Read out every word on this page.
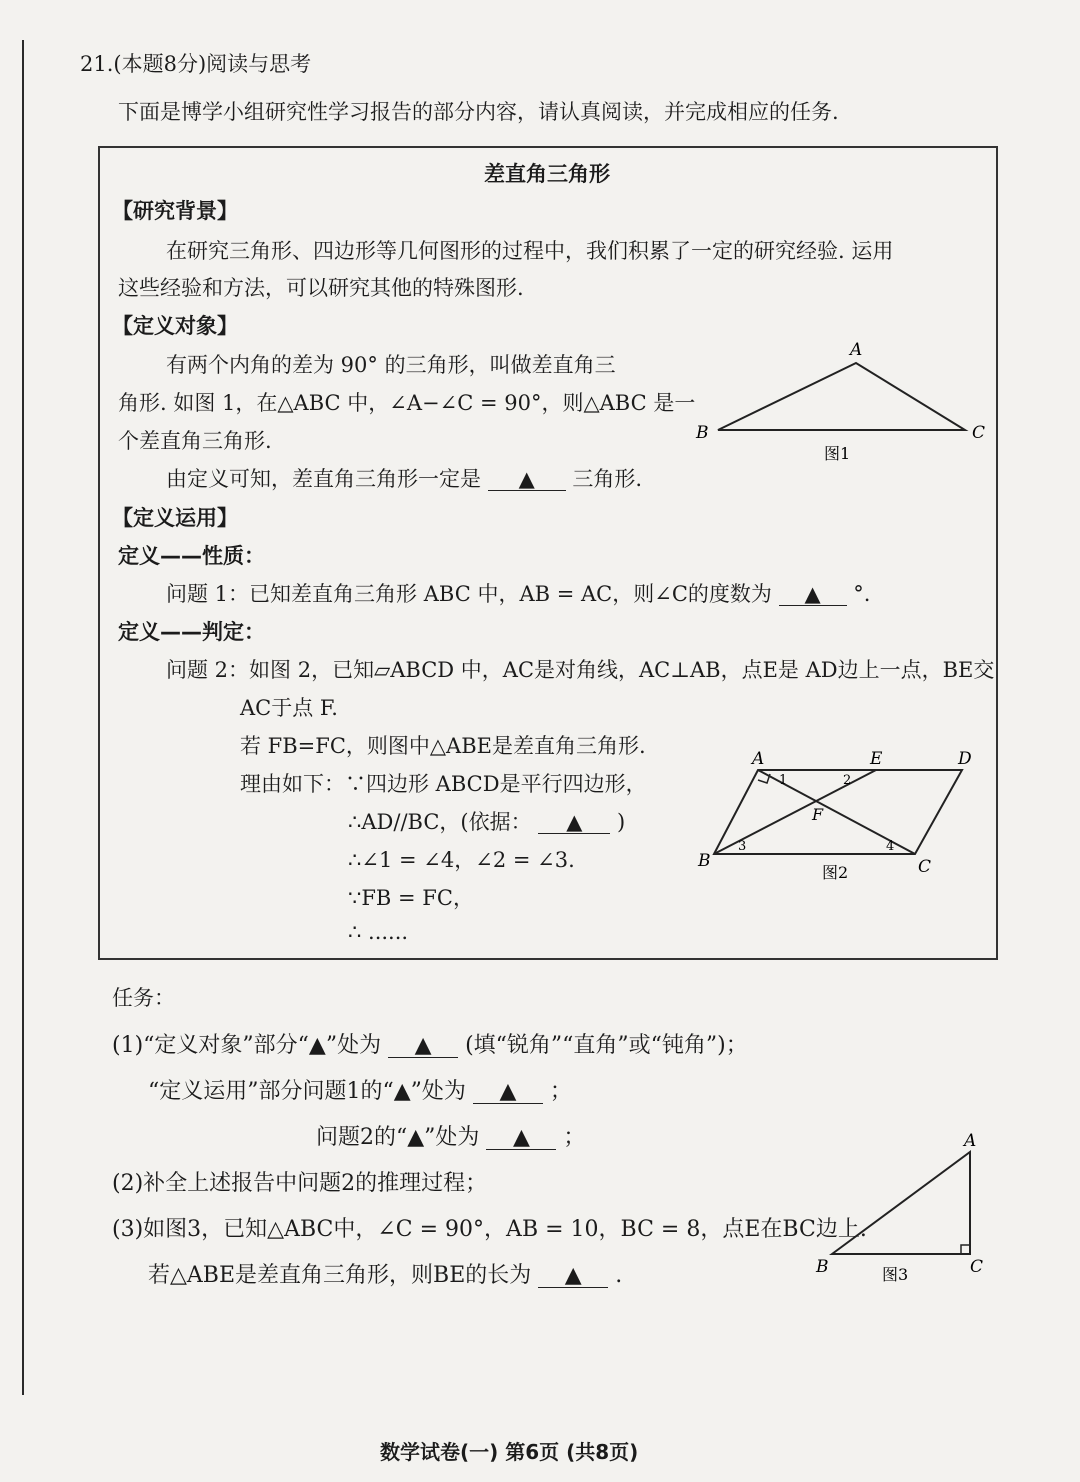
21.(本题8分)阅读与思考
下面是博学小组研究性学习报告的部分内容，请认真阅读，并完成相应的任务.
差直角三角形
【研究背景】
在研究三角形、四边形等几何图形的过程中，我们积累了一定的研究经验. 运用
这些经验和方法，可以研究其他的特殊图形.
【定义对象】
有两个内角的差为 90° 的三角形，叫做差直角三
角形. 如图 1，在△ABC 中，∠A−∠C = 90°，则△ABC 是一
个差直角三角形.
由定义可知，差直角三角形一定是 ▲ 三角形.
A
B	C
图1
【定义运用】
定义——性质：
问题 1：已知差直角三角形 ABC 中，AB = AC，则∠C的度数为 ▲ °.
定义——判定：
问题 2：如图 2，已知▱ABCD 中，AC是对角线，AC⊥AB，点E是 AD边上一点，BE交
AC于点 F.
若 FB=FC，则图中△ABE是差直角三角形.
理由如下：∵四边形 ABCD是平行四边形，
∴AD//BC，(依据： ▲ )
∴∠1 = ∠4，∠2 = ∠3.
∵FB = FC，
∴ ......
A	E	D
F
B	C
1	2
3	4
图2
任务：
(1)“定义对象”部分“▲”处为 ▲ (填“锐角”“直角”或“钝角”)；
“定义运用”部分问题1的“▲”处为 ▲ ；
问题2的“▲”处为 ▲ ；
(2)补全上述报告中问题2的推理过程；
(3)如图3，已知△ABC中，∠C = 90°，AB = 10，BC = 8，点E在BC边上.
若△ABE是差直角三角形，则BE的长为 ▲ .
A
B	C
图3
数学试卷(一) 第6页 (共8页)
